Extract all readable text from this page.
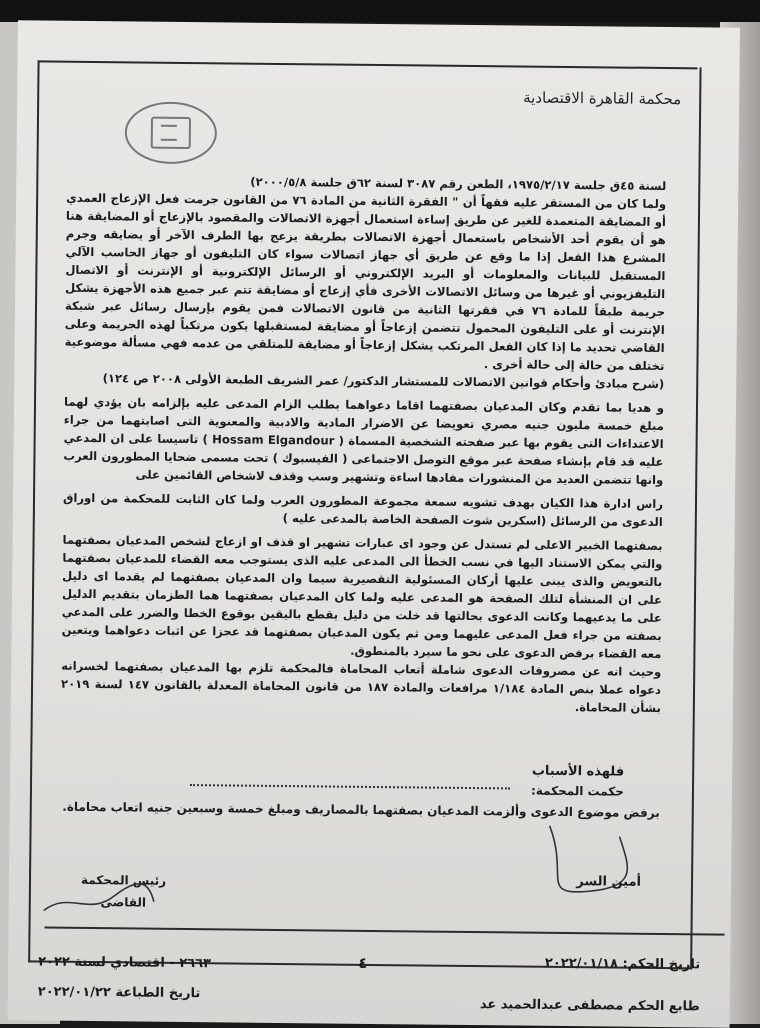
محكمة القاهرة الاقتصادية

لسنة ٤٥ق جلسة ١٩٧٥/٢/١٧، الطعن رقم ٣٠٨٧ لسنة ٦٢ق جلسة ٢٠٠٠/٥/٨)
ولما كان من المستقر عليه فقهاً أن " الفقرة الثانية من المادة ٧٦ من القانون جرمت فعل الإزعاج العمدي أو المضايقة المتعمدة للغير عن طريق إساءة استعمال أجهزة الاتصالات والمقصود بالإزعاج أو المضايقة هنا هو أن يقوم أحد الأشخاص باستعمال أجهزة الاتصالات بطريقة يزعج بها الطرف الآخر أو يضايقه وجرم المشرع هذا الفعل إذا ما وقع عن طريق أي جهاز اتصالات سواء كان التليفون أو جهاز الحاسب الآلي المستقبل للبيانات والمعلومات أو البريد الإلكتروني أو الرسائل الإلكترونية أو الإنترنت أو الاتصال التليفزيوني أو غيرها من وسائل الاتصالات الأخرى فأي إزعاج أو مضايقة تتم عبر جميع هذه الأجهزة يشكل جريمة طبقاً للمادة ٧٦ في فقرتها الثانية من قانون الاتصالات فمن يقوم بإرسال رسائل عبر شبكة الإنترنت أو على التليفون المحمول تتضمن إزعاجاً أو مضايقة لمستقبلها يكون مرتكباً لهذه الجريمة وعلى القاضي تحديد ما إذا كان الفعل المرتكب يشكل إزعاجاً أو مضايقة للمتلقي من عدمه فهي مسألة موضوعية تختلف من حالة إلى حالة أخرى .

(شرح مبادئ وأحكام قوانين الاتصالات للمستشار الدكتور/ عمر الشريف الطبعة الأولى ٢٠٠٨ ص ١٢٤)

و هديا بما تقدم وكان المدعيان بصفتهما اقاما دعواهما بطلب الزام المدعى عليه بإلزامه بان يؤدي لهما مبلغ خمسة مليون جنيه مصري تعويضا عن الاضرار المادية والادبية والمعنوية التى اصابتهما من جراء الاعتداءات التى يقوم بها عبر صفحته الشخصية المسماة ( Hossam Elgandour ) تاسيسا على ان المدعي عليه قد قام بإنشاء صفحة عبر موقع التوصل الاجتماعى ( الفيسبوك ) تحت مسمى ضحايا المطورون العرب وانها تتضمن العديد من المنشورات مفادها اساءة وتشهير وسب وقذف لاشخاص القائمين على

راس ادارة هذا الكيان بهدف تشويه سمعة مجموعة المطورون العرب ولما كان الثابت للمحكمة من اوراق الدعوى من الرسائل (اسكرين شوت الصفحة الخاصة بالمدعى عليه )

بصفتهما الخبير الاعلى لم تستدل عن وجود اى عبارات تشهير او قذف او ازعاج لشخص المدعيان بصفتهما والتي يمكن الاستناد اليها في نسب الخطأ الى المدعى عليه الذى يستوجب معه القضاء للمدعيان بصفتهما بالتعويض والذى يبنى عليها أركان المسئولية التقصيرية سيما وان المدعيان بصفتهما لم يقدما اى دليل على ان المنشأة لتلك الصفحة هو المدعى عليه ولما كان المدعيان بصفتهما هما الطزمان بتقديم الدليل على ما يدعيهما وكانت الدعوى بحالتها قد خلت من دليل يقطع باليقين بوقوع الخطا والضرر على المدعي بصفته من جراء فعل المدعى عليهما ومن ثم يكون المدعيان بصفتهما قد عجزا عن اثبات دعواهما ويتعين معه القضاء برفض الدعوى على نحو ما سيرد بالمنطوق.

وحيث انه عن مصروفات الدعوى شاملة أتعاب المحاماة فالمحكمة تلزم بها المدعيان بصفتهما لخسرانه دعواه عملا بنص المادة ١/١٨٤ مرافعات والمادة ١٨٧ من قانون المحاماة المعدلة بالقانون ١٤٧ لسنة ٢٠١٩ بشأن المحاماة.

فلهذه الأسباب
حكمت المحكمة:
برفض موضوع الدعوى وألزمت المدعيان بصفتهما بالمصاريف ومبلغ خمسة وسبعين جنيه اتعاب محاماة.
أمين السر
رئيس المحكمة
القاضى
تاريخ الحكم: ٢٠٢٢/٠١/١٨
٤
٢٦٦٣ - اقتصادي لسنة ٢٠٢٢
تاريخ الطباعة ٢٠٢٢/٠١/٢٢
طابع الحكم مصطفى عبدالحميد عد
